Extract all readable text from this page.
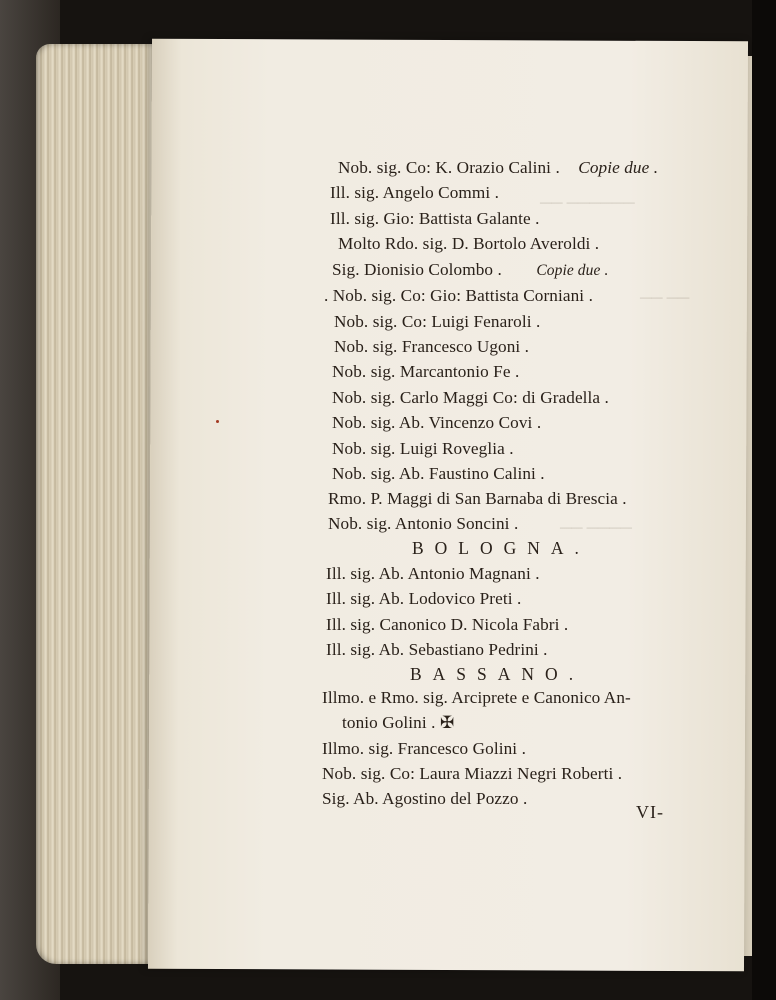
────── ──
── ──
──── ──
Nob. sig. Co: K. Orazio Calini . Copie due .
Ill. sig. Angelo Commi .
Ill. sig. Gio: Battista Galante .
Molto Rdo. sig. D. Bortolo Averoldi .
Sig. Dionisio Colombo . Copie due .
. Nob. sig. Co: Gio: Battista Corniani .
Nob. sig. Co: Luigi Fenaroli .
Nob. sig. Francesco Ugoni .
Nob. sig. Marcantonio Fe .
Nob. sig. Carlo Maggi Co: di Gradella .
Nob. sig. Ab. Vincenzo Covi .
Nob. sig. Luigi Roveglia .
Nob. sig. Ab. Faustino Calini .
Rmo. P. Maggi di San Barnaba di Brescia .
Nob. sig. Antonio Soncini .
BOLOGNA.
Ill. sig. Ab. Antonio Magnani .
Ill. sig. Ab. Lodovico Preti .
Ill. sig. Canonico D. Nicola Fabri .
Ill. sig. Ab. Sebastiano Pedrini .
BASSANO.
Illmo. e Rmo. sig. Arciprete e Canonico An-
tonio Golini . ✠
Illmo. sig. Francesco Golini .
Nob. sig. Co: Laura Miazzi Negri Roberti .
Sig. Ab. Agostino del Pozzo .
VI-
